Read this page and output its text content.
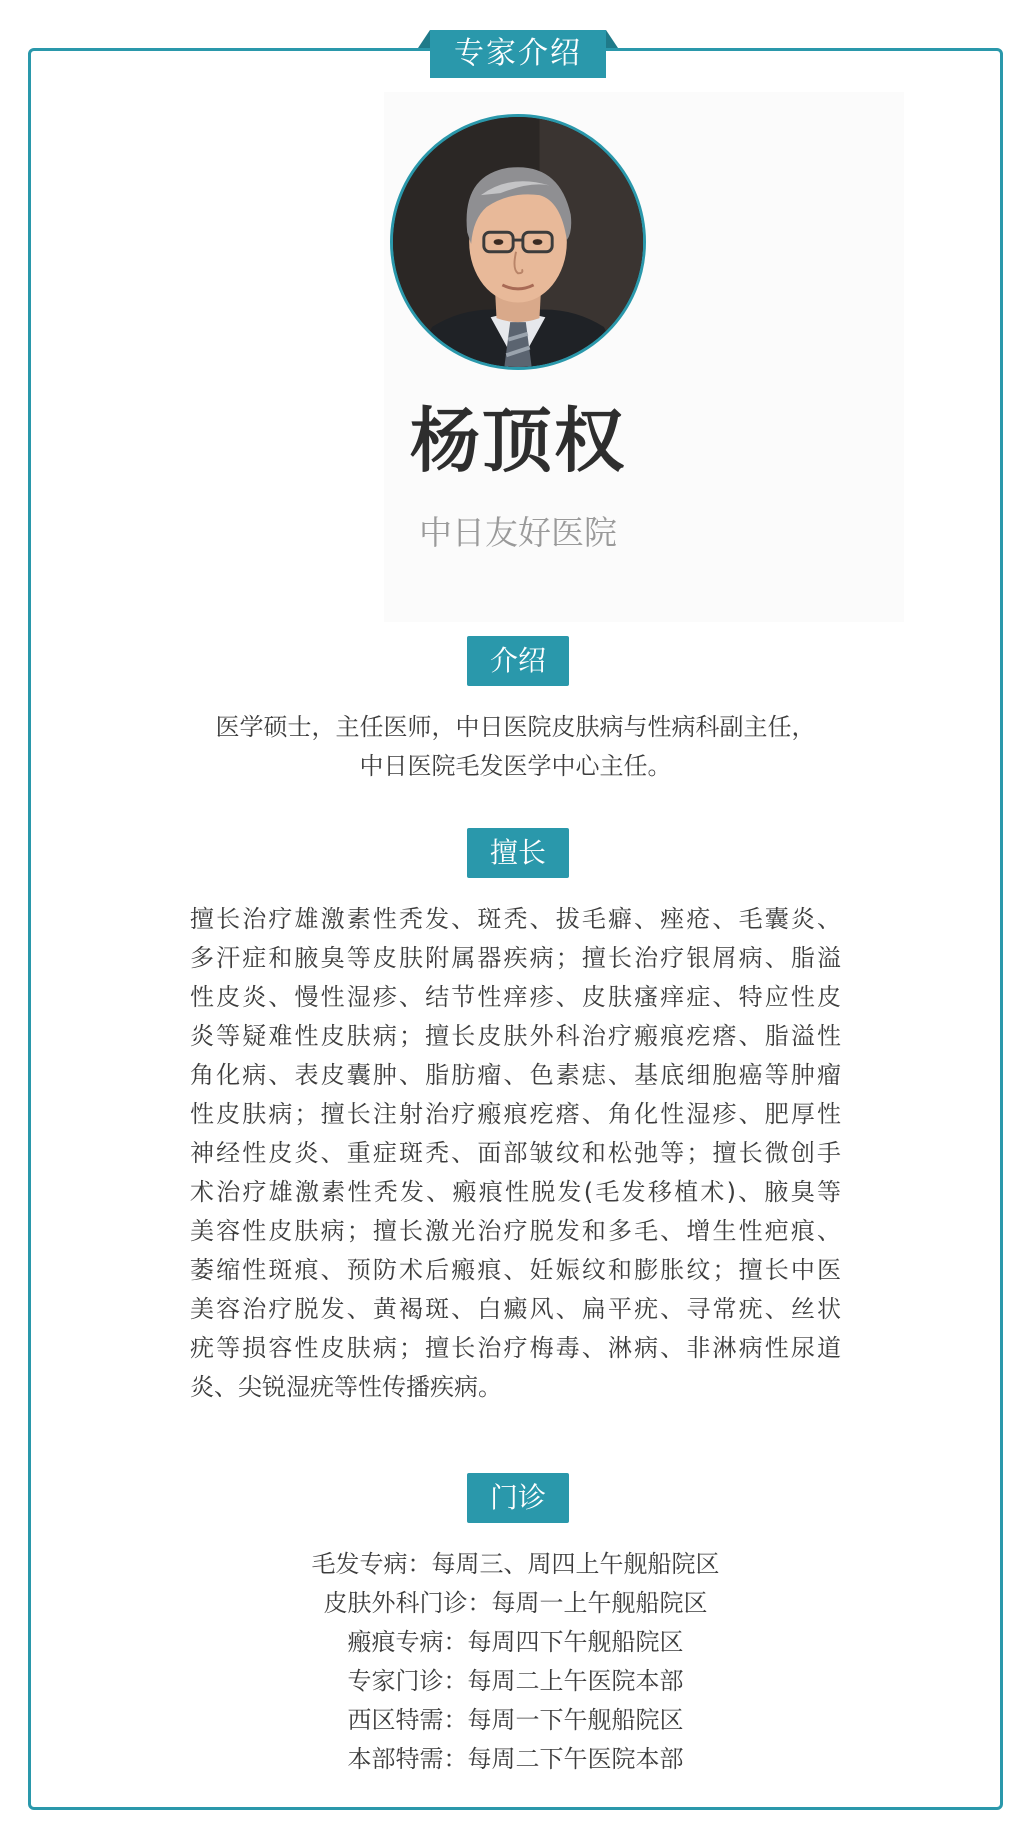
专家介绍
杨顶权
中日友好医院
介绍
医学硕士，主任医师，中日医院皮肤病与性病科副主任，
中日医院毛发医学中心主任。
擅长
擅长治疗雄激素性秃发、斑秃、拔毛癖、痤疮、毛囊炎、
多汗症和腋臭等皮肤附属器疾病；擅长治疗银屑病、脂溢
性皮炎、慢性湿疹、结节性痒疹、皮肤瘙痒症、特应性皮
炎等疑难性皮肤病；擅长皮肤外科治疗瘢痕疙瘩、脂溢性
角化病、表皮囊肿、脂肪瘤、色素痣、基底细胞癌等肿瘤
性皮肤病；擅长注射治疗瘢痕疙瘩、角化性湿疹、肥厚性
神经性皮炎、重症斑秃、面部皱纹和松弛等；擅长微创手
术治疗雄激素性秃发、瘢痕性脱发(毛发移植术)、腋臭等
美容性皮肤病；擅长激光治疗脱发和多毛、增生性疤痕、
萎缩性斑痕、预防术后瘢痕、妊娠纹和膨胀纹；擅长中医
美容治疗脱发、黄褐斑、白癜风、扁平疣、寻常疣、丝状
疣等损容性皮肤病；擅长治疗梅毒、淋病、非淋病性尿道
炎、尖锐湿疣等性传播疾病。
门诊
毛发专病：每周三、周四上午舰船院区
皮肤外科门诊：每周一上午舰船院区
瘢痕专病：每周四下午舰船院区
专家门诊：每周二上午医院本部
西区特需：每周一下午舰船院区
本部特需：每周二下午医院本部
